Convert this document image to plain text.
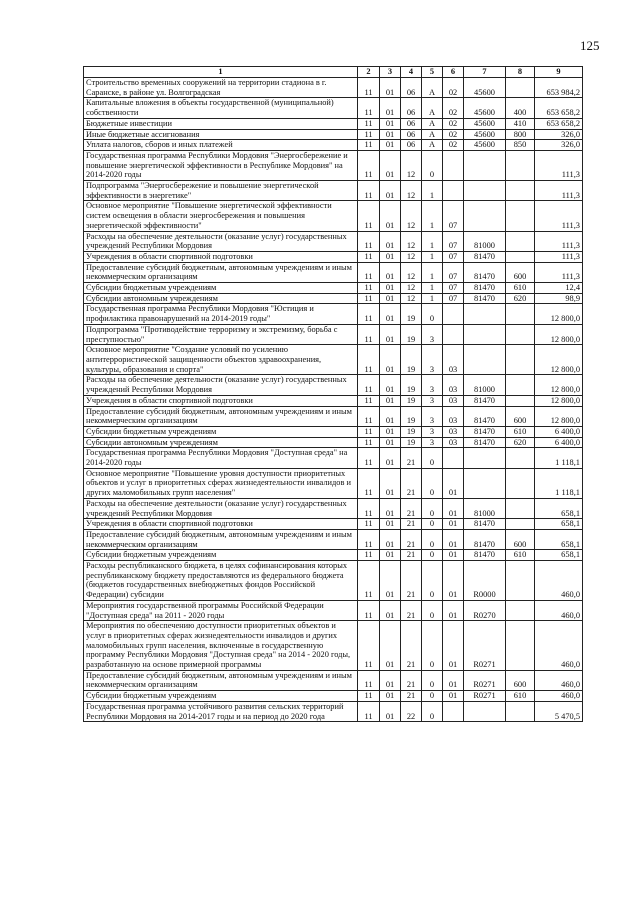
125
1	2	3	4	5	6	7	8	9
Строительство временных сооружений на территории стадиона в г. Саранске, в районе ул. Волгоградская	11	01	06	А	02	45600		653 984,2
Капитальные вложения в объекты государственной (муниципальной) собственности	11	01	06	А	02	45600	400	653 658,2
Бюджетные инвестиции	11	01	06	А	02	45600	410	653 658,2
Иные бюджетные ассигнования	11	01	06	А	02	45600	800	326,0
Уплата налогов, сборов и иных платежей	11	01	06	А	02	45600	850	326,0
Государственная программа Республики Мордовия "Энергосбережение и повышение энергетической эффективности в Республике Мордовия" на 2014-2020 годы	11	01	12	0				111,3
Подпрограмма "Энергосбережение и повышение энергетической эффективности в энергетике"	11	01	12	1				111,3
Основное мероприятие "Повышение энергетической эффективности систем освещения в области энергосбережения и повышения энергетической эффективности"	11	01	12	1	07			111,3
Расходы на обеспечение деятельности (оказание услуг) государственных учреждений Республики Мордовия	11	01	12	1	07	81000		111,3
Учреждения в области спортивной подготовки	11	01	12	1	07	81470		111,3
Предоставление субсидий бюджетным, автономным учреждениям и иным некоммерческим организациям	11	01	12	1	07	81470	600	111,3
Субсидии бюджетным учреждениям	11	01	12	1	07	81470	610	12,4
Субсидии автономным учреждениям	11	01	12	1	07	81470	620	98,9
Государственная программа Республики Мордовия "Юстиция и профилактика правонарушений на 2014-2019 годы"	11	01	19	0				12 800,0
Подпрограмма "Противодействие терроризму и экстремизму, борьба с преступностью"	11	01	19	3				12 800,0
Основное мероприятие "Создание условий по усилению антитеррористической защищенности объектов здравоохранения, культуры, образования и спорта"	11	01	19	3	03			12 800,0
Расходы на обеспечение деятельности (оказание услуг) государственных учреждений Республики Мордовия	11	01	19	3	03	81000		12 800,0
Учреждения в области спортивной подготовки	11	01	19	3	03	81470		12 800,0
Предоставление субсидий бюджетным, автономным учреждениям и иным некоммерческим организациям	11	01	19	3	03	81470	600	12 800,0
Субсидии бюджетным учреждениям	11	01	19	3	03	81470	610	6 400,0
Субсидии автономным учреждениям	11	01	19	3	03	81470	620	6 400,0
Государственная программа Республики Мордовия "Доступная среда" на 2014-2020 годы	11	01	21	0				1 118,1
Основное мероприятие "Повышение уровня доступности приоритетных объектов и услуг в приоритетных сферах жизнедеятельности инвалидов и других маломобильных групп населения"	11	01	21	0	01			1 118,1
Расходы на обеспечение деятельности (оказание услуг) государственных учреждений Республики Мордовия	11	01	21	0	01	81000		658,1
Учреждения в области спортивной подготовки	11	01	21	0	01	81470		658,1
Предоставление субсидий бюджетным, автономным учреждениям и иным некоммерческим организациям	11	01	21	0	01	81470	600	658,1
Субсидии бюджетным учреждениям	11	01	21	0	01	81470	610	658,1
Расходы республиканского бюджета, в целях софинансирования которых республиканскому бюджету предоставляются из федерального бюджета (бюджетов государственных внебюджетных фондов Российской Федерации) субсидии	11	01	21	0	01	R0000		460,0
Мероприятия государственной программы Российской Федерации "Доступная среда" на 2011 - 2020 годы	11	01	21	0	01	R0270		460,0
Мероприятия по обеспечению доступности приоритетных объектов и услуг в приоритетных сферах жизнедеятельности инвалидов и других маломобильных групп населения, включенные в государственную программу Республики Мордовия "Доступная среда" на 2014 - 2020 годы, разработанную на основе примерной программы	11	01	21	0	01	R0271		460,0
Предоставление субсидий бюджетным, автономным учреждениям и иным некоммерческим организациям	11	01	21	0	01	R0271	600	460,0
Субсидии бюджетным учреждениям	11	01	21	0	01	R0271	610	460,0
Государственная программа устойчивого развития сельских территорий Республики Мордовия на 2014-2017 годы и на период до 2020 года	11	01	22	0				5 470,5
